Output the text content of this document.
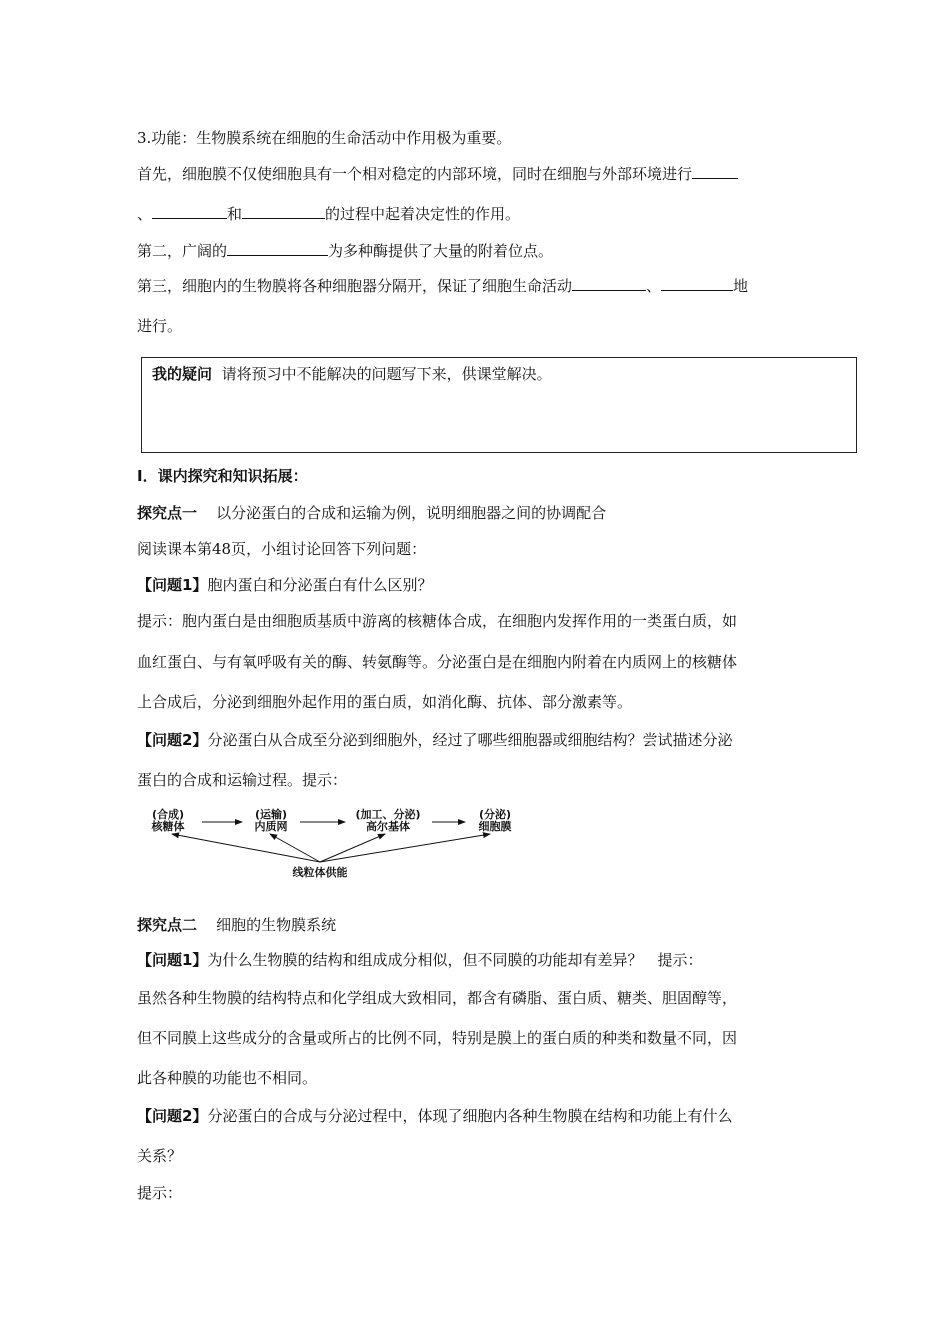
3.功能：生物膜系统在细胞的生命活动中作用极为重要。
首先，细胞膜不仅使细胞具有一个相对稳定的内部环境，同时在细胞与外部环境进行
、	和	的过程中起着决定性的作用。
第二，广阔的	为多种酶提供了大量的附着位点。
第三，细胞内的生物膜将各种细胞器分隔开，保证了细胞生命活动	、	地
进行。
我的疑问 请将预习中不能解决的问题写下来，供课堂解决。
Ⅰ．课内探究和知识拓展：
探究点一 以分泌蛋白的合成和运输为例，说明细胞器之间的协调配合
阅读课本第48页，小组讨论回答下列问题：
【问题1】胞内蛋白和分泌蛋白有什么区别？
提示：胞内蛋白是由细胞质基质中游离的核糖体合成，在细胞内发挥作用的一类蛋白质，如
血红蛋白、与有氧呼吸有关的酶、转氨酶等。分泌蛋白是在细胞内附着在内质网上的核糖体
上合成后，分泌到细胞外起作用的蛋白质，如消化酶、抗体、部分激素等。
【问题2】分泌蛋白从合成至分泌到细胞外，经过了哪些细胞器或细胞结构？尝试描述分泌
蛋白的合成和运输过程。提示：
(合成)
核糖体
(运输)
内质网
(加工、分泌)
高尔基体
(分泌)
细胞膜
线粒体供能
探究点二 细胞的生物膜系统
【问题1】为什么生物膜的结构和组成成分相似，但不同膜的功能却有差异？　提示：
虽然各种生物膜的结构特点和化学组成大致相同，都含有磷脂、蛋白质、糖类、胆固醇等，
但不同膜上这些成分的含量或所占的比例不同，特别是膜上的蛋白质的种类和数量不同，因
此各种膜的功能也不相同。
【问题2】分泌蛋白的合成与分泌过程中，体现了细胞内各种生物膜在结构和功能上有什么
关系？
提示：
